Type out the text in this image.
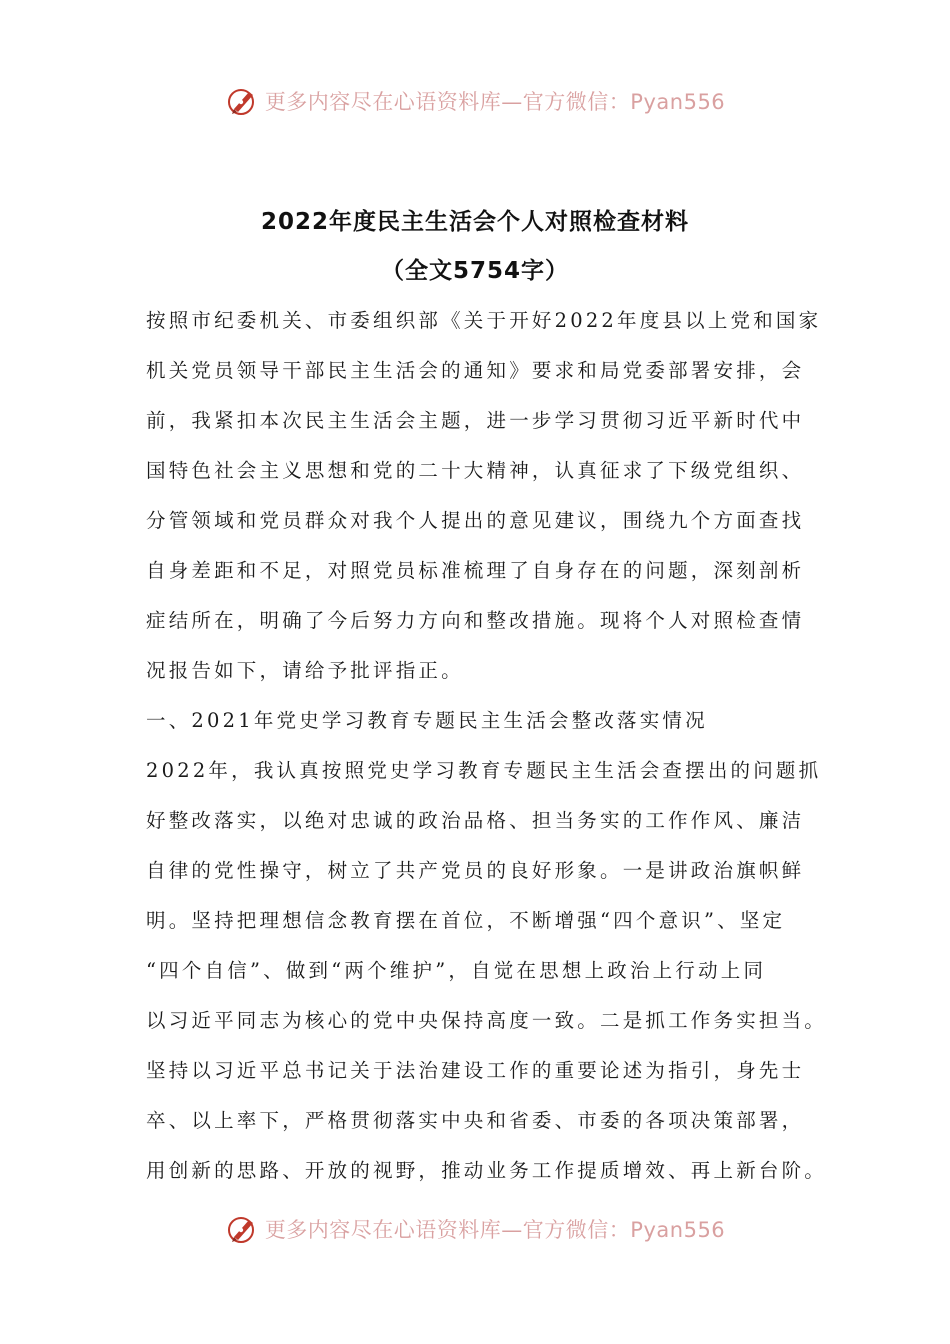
更多内容尽在心语资料库—官方微信：Pyan556
2022年度民主生活会个人对照检查材料
（全文5754字）
按照市纪委机关、市委组织部《关于开好2022年度县以上党和国家
机关党员领导干部民主生活会的通知》要求和局党委部署安排，会
前，我紧扣本次民主生活会主题，进一步学习贯彻习近平新时代中
国特色社会主义思想和党的二十大精神，认真征求了下级党组织、
分管领域和党员群众对我个人提出的意见建议，围绕九个方面查找
自身差距和不足，对照党员标准梳理了自身存在的问题，深刻剖析
症结所在，明确了今后努力方向和整改措施。现将个人对照检查情
况报告如下，请给予批评指正。
一、2021年党史学习教育专题民主生活会整改落实情况
2022年，我认真按照党史学习教育专题民主生活会查摆出的问题抓
好整改落实，以绝对忠诚的政治品格、担当务实的工作作风、廉洁
自律的党性操守，树立了共产党员的良好形象。一是讲政治旗帜鲜
明。坚持把理想信念教育摆在首位，不断增强“四个意识”、坚定
“四个自信”、做到“两个维护”，自觉在思想上政治上行动上同
以习近平同志为核心的党中央保持高度一致。二是抓工作务实担当。
坚持以习近平总书记关于法治建设工作的重要论述为指引，身先士
卒、以上率下，严格贯彻落实中央和省委、市委的各项决策部署，
用创新的思路、开放的视野，推动业务工作提质增效、再上新台阶。
更多内容尽在心语资料库—官方微信：Pyan556
